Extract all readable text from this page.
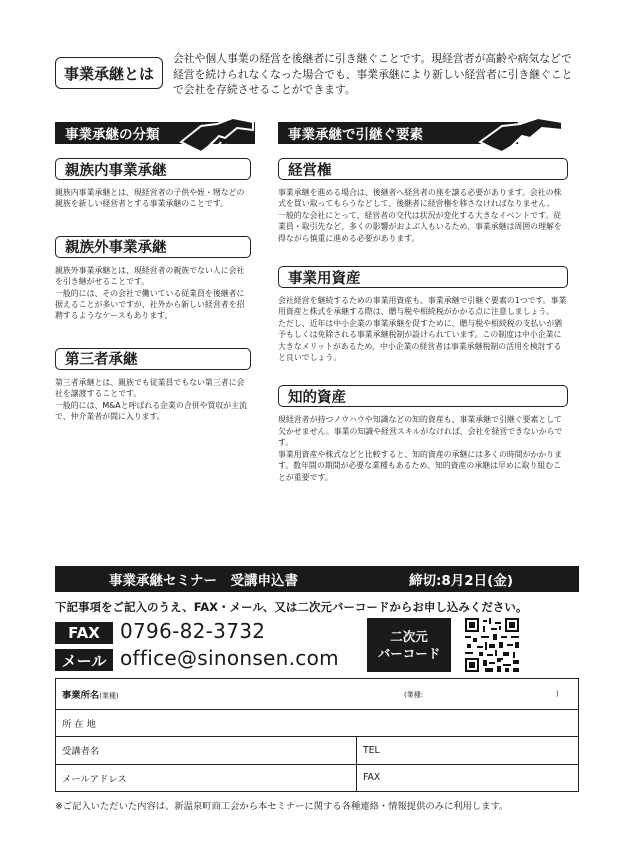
事業承継とは
会社や個人事業の経営を後継者に引き継ぐことです。現経営者が高齢や病気などで経営を続けられなくなった場合でも、事業承継により新しい経営者に引き継ぐことで会社を存続させることができます。
事業承継の分類
親族内事業承継

親族内事業承継とは、現経営者の子供や姪・甥などの親族を新しい経営者とする事業承継のことです。

親族外事業承継

親族外事業承継とは、現経営者の親族でない人に会社を引き継がせることです。

一般的には、その会社で働いている従業員を後継者に据えることが多いですが、社外から新しい経営者を招聘するようなケースもあります。

第三者承継

第三者承継とは、親族でも従業員でもない第三者に会社を譲渡することです。

一般的には、M&Aと呼ばれる企業の合併や買収が主流で、仲介業者が間に入ります。

事業承継で引継ぐ要素
経営権

事業承継を進める場合は、後継者へ経営者の座を譲る必要があります。会社の株式を買い取ってもらうなどして、後継者に経営権を移さなければなりません。

一般的な会社にとって、経営者の交代は状況が変化する大きなイベントです。従業員・取引先など、多くの影響がおよぶ人もいるため、事業承継は周囲の理解を得ながら慎重に進める必要があります。

事業用資産

会社経営を継続するための事業用資産も、事業承継で引継ぐ要素の1つです。事業用資産と株式を承継する際は、贈与税や相続税がかかる点に注意しましょう。

ただし、近年は中小企業の事業承継を促すために、贈与税や相続税の支払いが猶予もしくは免除される事業承継税制が設けられています。この制度は中小企業に大きなメリットがあるため、中小企業の経営者は事業承継税制の活用を検討すると良いでしょう。

知的資産

現経営者が持つノウハウや知識などの知的資産も、事業承継で引継ぐ要素として欠かせません。事業の知識や経営スキルがなければ、会社を経営できないからです。

事業用資産や株式などと比較すると、知的資産の承継には多くの時間がかかります。数年間の期間が必要な業種もあるため、知的資産の承継は早めに取り組むことが重要です。

事業承継セミナー　受講申込書	締切:8月2日(金)
下記事項をご記入のうえ、FAX・メール、又は二次元バーコードからお申し込みください。
FAX 0796-82-3732
メール office@sinonsen.com
二次元
バーコード
事業所名(業種) (業種: )	

所 在 地	
受講者名	TEL
メールアドレス	FAX
※ご記入いただいた内容は、新温泉町商工会から本セミナーに関する各種連絡・情報提供のみに利用します。
